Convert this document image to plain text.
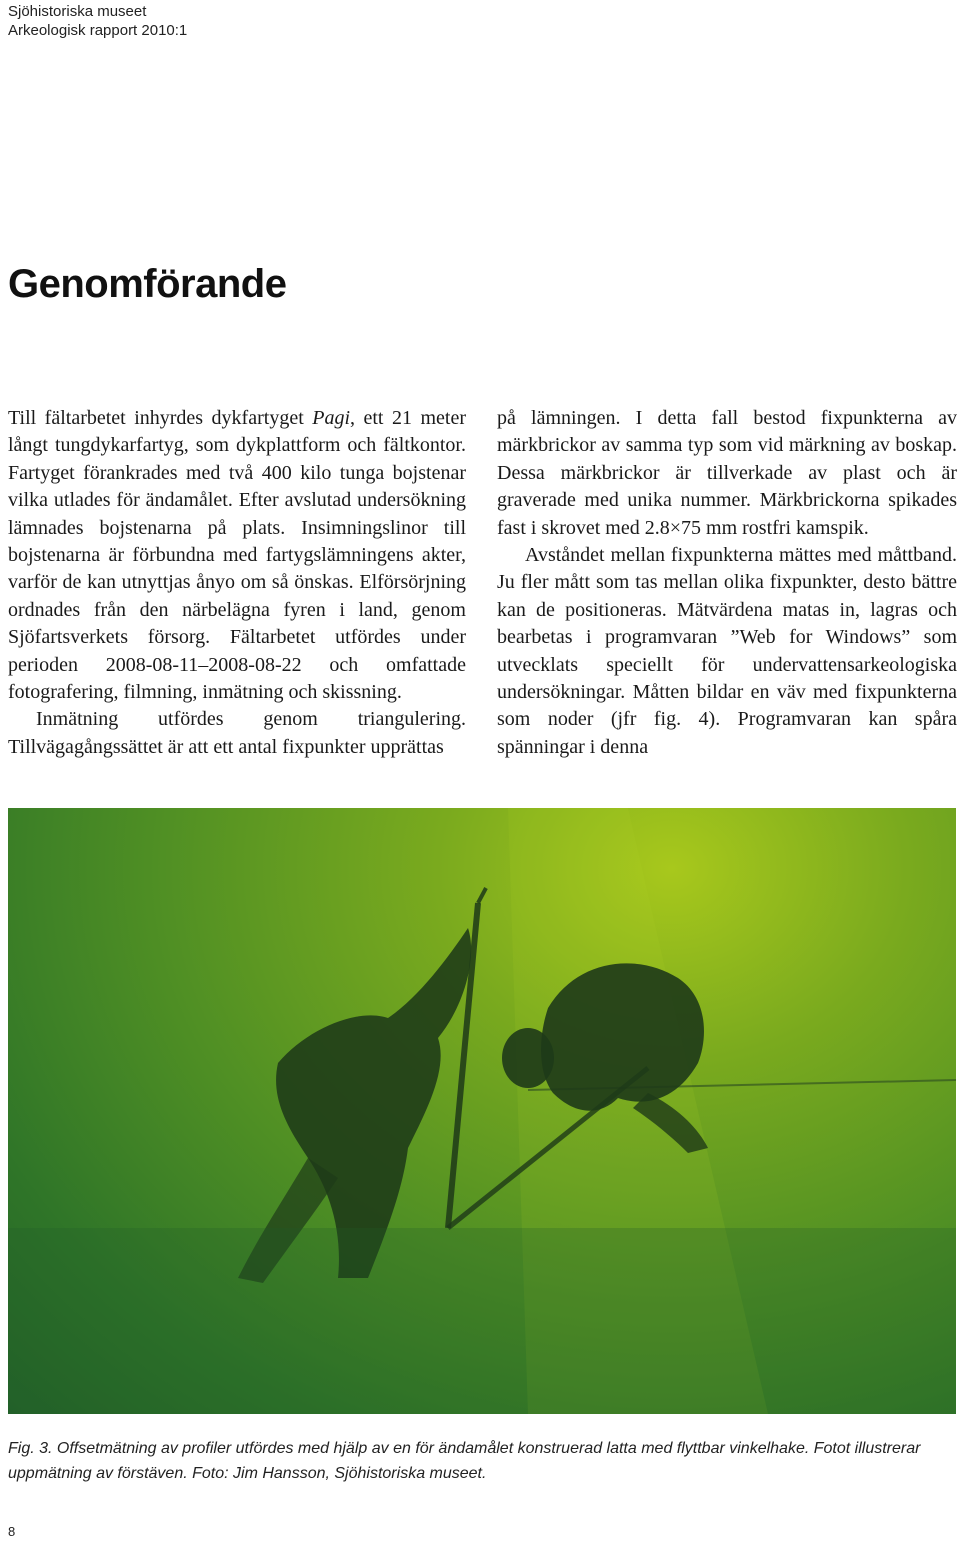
Sjöhistoriska museet
Arkeologisk rapport 2010:1
Genomförande

Till fältarbetet inhyrdes dykfartyget Pagi, ett 21 meter långt tungdykarfartyg, som dykplattform och fältkontor. Fartyget förankrades med två 400 kilo tunga bojstenar vilka utlades för ändamålet. Efter avslutad undersökning lämnades bojstenarna på plats. Insimningslinor till bojstenarna är förbundna med fartygslämningens akter, varför de kan utnyttjas ånyo om så önskas. Elförsörjning ordnades från den närbelägna fyren i land, genom Sjöfartsverkets försorg. Fältarbetet utfördes under perioden 2008-08-11–2008-08-22 och omfattade fotografering, filmning, inmätning och skissning.

Inmätning utfördes genom triangulering. Tillvägagångssättet är att ett antal fixpunkter upprättas

på lämningen. I detta fall bestod fixpunkterna av märkbrickor av samma typ som vid märkning av boskap. Dessa märkbrickor är tillverkade av plast och är graverade med unika nummer. Märkbrickorna spikades fast i skrovet med 2.8×75 mm rostfri kamspik.

Avståndet mellan fixpunkterna mättes med måttband. Ju fler mått som tas mellan olika fixpunkter, desto bättre kan de positioneras. Mätvärdena matas in, lagras och bearbetas i programvaran ”Web for Windows” som utvecklats speciellt för undervattensarkeologiska undersökningar. Måtten bildar en väv med fixpunkterna som noder (jfr fig. 4). Programvaran kan spåra spänningar i denna

Fig. 3. Offsetmätning av profiler utfördes med hjälp av en för ändamålet konstruerad latta med flyttbar vinkelhake. Fotot illustrerar uppmätning av förstäven. Foto: Jim Hansson, Sjöhistoriska museet.
8
